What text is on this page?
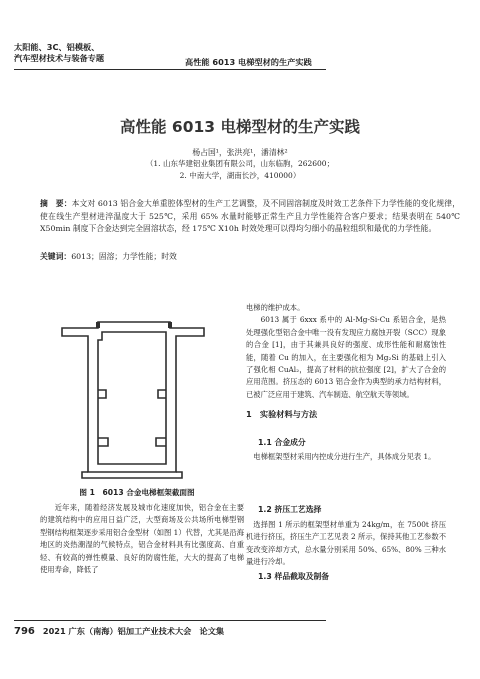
太阳能、3C、铝模板、
汽车型材技术与装备专题	高性能 6013 电梯型材的生产实践
高性能 6013 电梯型材的生产实践
杨占国¹，张洪亮¹，潘清林²
（1. 山东华建铝业集团有限公司，山东临朐，262600；
2. 中南大学，湖南长沙，410000）
摘　要：本文对 6013 铝合金大单重腔体型材的生产工艺调整，及不同固溶制度及时效工艺条件下力学性能的变化规律，使在线生产型材进淬温度大于 525℃，采用 65% 水量时能够正常生产且力学性能符合客户要求；结果表明在 540℃ X50min 制度下合金达到完全固溶状态，经 175℃ X10h 时效处理可以得均匀细小的晶粒组织和最优的力学性能。
关键词：6013；固溶；力学性能；时效
图 1　6013 合金电梯框架截面图

近年来，随着经济发展及城市化速度加快，铝合金在主要的建筑结构中的应用日益广泛，大型商场及公共场所电梯型钢型钢结构框架逐步采用铝合金型材（如图 1）代替，尤其是沿海地区的炎热潮湿的气候特点，铝合金材料具有比强度高、自重轻、有较高的弹性模量、良好的防腐性能，大大的提高了电梯使用寿命，降低了

电梯的维护成本。

6013 属于 6xxx 系中的 Al-Mg-Si-Cu 系铝合金，是热处理强化型铝合金中唯一没有发现应力腐蚀开裂（SCC）现象的合金 [1]，由于其兼具良好的强度、成形性能和耐腐蚀性能，随着 Cu 的加入，在主要强化相为 Mg₂Si 的基础上引入了强化相 CuAl₂，提高了材料的抗拉强度 [2]，扩大了合金的应用范围。挤压态的 6013 铝合金作为典型的承力结构材料，已被广泛应用于建筑、汽车制造、航空航天等领域。

1　实验材料与方法
1.1 合金成分

电梯框架型材采用内控成分进行生产，具体成分见表 1。

1.2 挤压工艺选择

选择图 1 所示的框架型材单重为 24kg/m，在 7500t 挤压机进行挤压，挤压生产工艺见表 2 所示，保持其他工艺参数不变改变淬却方式，总水量分别采用 50%、65%、80% 三种水量进行冷却。

1.3 样品截取及制备
796 2021 广东（南海）铝加工产业技术大会　论文集
